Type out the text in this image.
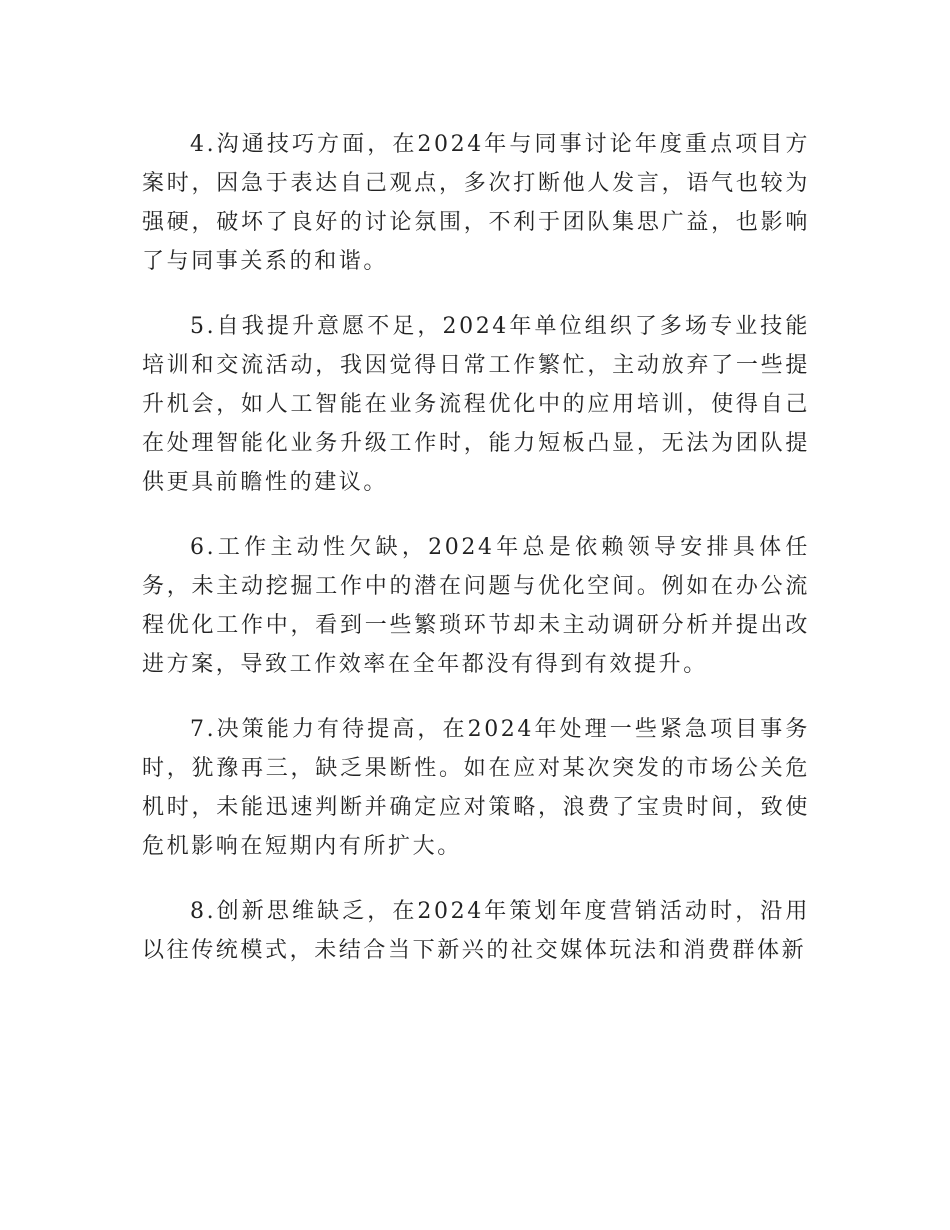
4.沟通技巧方面，在2024年与同事讨论年度重点项目方案时，因急于表达自己观点，多次打断他人发言，语气也较为强硬，破坏了良好的讨论氛围，不利于团队集思广益，也影响了与同事关系的和谐。

5.自我提升意愿不足，2024年单位组织了多场专业技能培训和交流活动，我因觉得日常工作繁忙，主动放弃了一些提升机会，如人工智能在业务流程优化中的应用培训，使得自己在处理智能化业务升级工作时，能力短板凸显，无法为团队提供更具前瞻性的建议。

6.工作主动性欠缺，2024年总是依赖领导安排具体任务，未主动挖掘工作中的潜在问题与优化空间。例如在办公流程优化工作中，看到一些繁琐环节却未主动调研分析并提出改进方案，导致工作效率在全年都没有得到有效提升。

7.决策能力有待提高，在2024年处理一些紧急项目事务时，犹豫再三，缺乏果断性。如在应对某次突发的市场公关危机时，未能迅速判断并确定应对策略，浪费了宝贵时间，致使危机影响在短期内有所扩大。

8.创新思维缺乏，在2024年策划年度营销活动时，沿用以往传统模式，未结合当下新兴的社交媒体玩法和消费群体新
